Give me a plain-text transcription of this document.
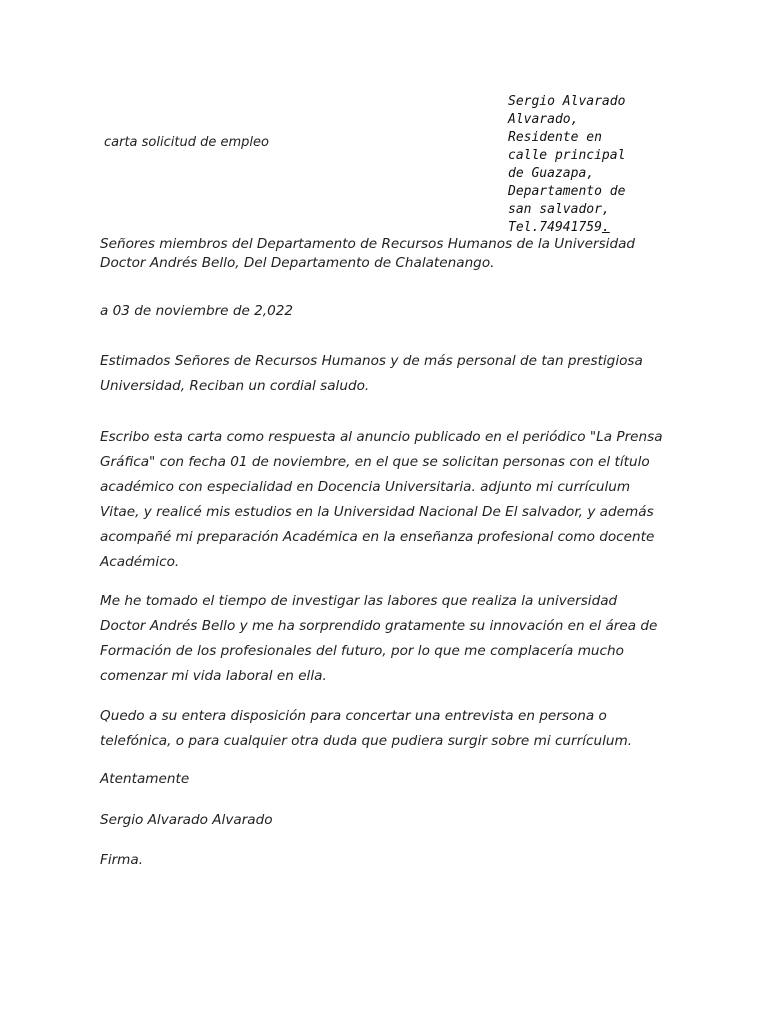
carta solicitud de empleo
Sergio Alvarado
Alvarado,
Residente en
calle principal
de Guazapa,
Departamento de
san salvador,
Tel.74941759.
Señores miembros del Departamento de Recursos Humanos de la Universidad
Doctor Andrés Bello, Del Departamento de Chalatenango.
a 03 de noviembre de 2,022
Estimados Señores de Recursos Humanos y de más personal de tan prestigiosa
Universidad, Reciban un cordial saludo.
Escribo esta carta como respuesta al anuncio publicado en el periódico "La Prensa
Gráfica" con fecha 01 de noviembre, en el que se solicitan personas con el título
académico con especialidad en Docencia Universitaria. adjunto mi currículum
Vitae, y realicé mis estudios en la Universidad Nacional De El salvador, y además
acompañé mi preparación Académica en la enseñanza profesional como docente
Académico.
Me he tomado el tiempo de investigar las labores que realiza la universidad
Doctor Andrés Bello y me ha sorprendido gratamente su innovación en el área de
Formación de los profesionales del futuro, por lo que me complacería mucho
comenzar mi vida laboral en ella.
Quedo a su entera disposición para concertar una entrevista en persona o
telefónica, o para cualquier otra duda que pudiera surgir sobre mi currículum.
Atentamente
Sergio Alvarado Alvarado
Firma.
